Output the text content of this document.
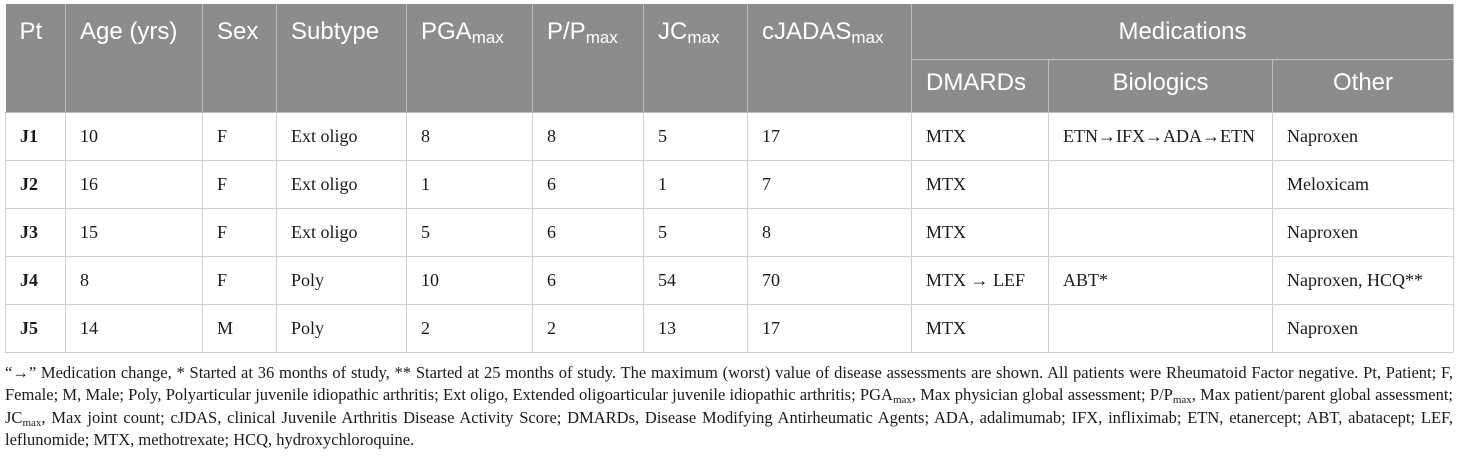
Pt	Age (yrs)	Sex	Subtype	$PGA_{max}$	$P/P_{max}$	$JC_{max}$	cJADAS$_{max}$	Medications		
								DMARDs	Biologics	Other
J1	10	F	Ext oligo	8	8	5	17	MTX	ETN→IFX→ADA→ETN	Naproxen
J2	16	F	Ext oligo	1	6	1	7	MTX		Meloxicam
J3	15	F	Ext oligo	5	6	5	8	MTX		Naproxen
J4	8	F	Poly	10	6	54	70	MTX → LEF	ABT*	Naproxen, HCQ**
J5	14	M	Poly	2	2	13	17	MTX		Naproxen
“→” Medication change, * Started at 36 months of study, ** Started at 25 months of study. The maximum (worst) value of disease assessments are shown. All patients were Rheumatoid Factor negative. Pt, Patient; F, Female; M, Male; Poly, Polyarticular juvenile idiopathic arthritis; Ext oligo, Extended oligoarticular juvenile idiopathic arthritis; $PGA_{max}$, Max physician global assessment; $P/P_{max}$, Max patient/parent global assessment; $JC_{max}$, Max joint count; cJDAS, clinical Juvenile Arthritis Disease Activity Score; DMARDs, Disease Modifying Antirheumatic Agents; ADA, adalimumab; IFX, infliximab; ETN, etanercept; ABT, abatacept; LEF, leflunomide; MTX, methotrexate; HCQ, hydroxychloroquine.
